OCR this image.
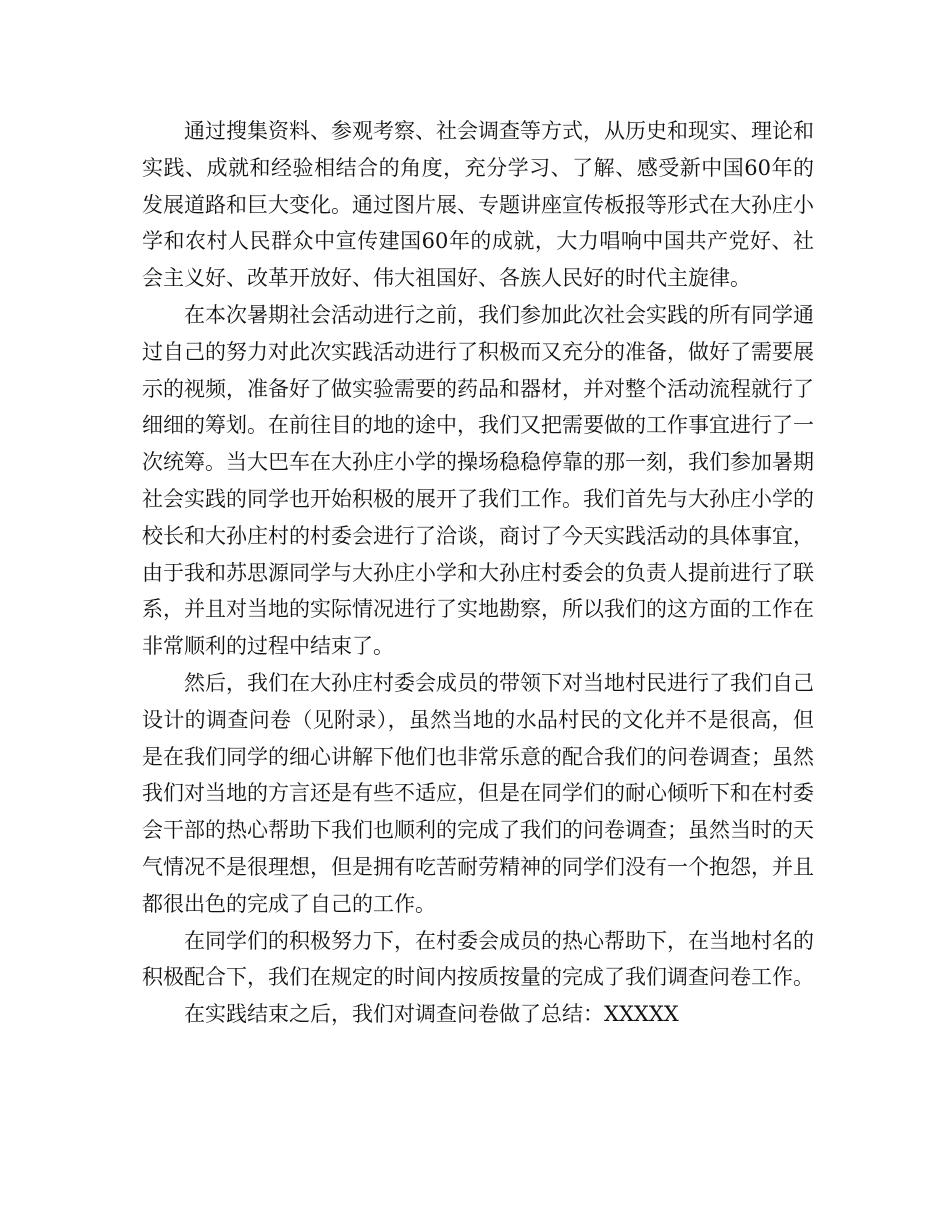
通过搜集资料、参观考察、社会调查等方式，从历史和现实、理论和实践、成就和经验相结合的角度，充分学习、了解、感受新中国60年的发展道路和巨大变化。通过图片展、专题讲座宣传板报等形式在大孙庄小学和农村人民群众中宣传建国60年的成就，大力唱响中国共产党好、社会主义好、改革开放好、伟大祖国好、各族人民好的时代主旋律。

在本次暑期社会活动进行之前，我们参加此次社会实践的所有同学通过自己的努力对此次实践活动进行了积极而又充分的准备，做好了需要展示的视频，准备好了做实验需要的药品和器材，并对整个活动流程就行了细细的筹划。在前往目的地的途中，我们又把需要做的工作事宜进行了一次统筹。当大巴车在大孙庄小学的操场稳稳停靠的那一刻，我们参加暑期社会实践的同学也开始积极的展开了我们工作。我们首先与大孙庄小学的校长和大孙庄村的村委会进行了洽谈，商讨了今天实践活动的具体事宜，由于我和苏思源同学与大孙庄小学和大孙庄村委会的负责人提前进行了联系，并且对当地的实际情况进行了实地勘察，所以我们的这方面的工作在非常顺利的过程中结束了。

然后，我们在大孙庄村委会成员的带领下对当地村民进行了我们自己设计的调查问卷（见附录），虽然当地的水品村民的文化并不是很高，但是在我们同学的细心讲解下他们也非常乐意的配合我们的问卷调查；虽然我们对当地的方言还是有些不适应，但是在同学们的耐心倾听下和在村委会干部的热心帮助下我们也顺利的完成了我们的问卷调查；虽然当时的天气情况不是很理想，但是拥有吃苦耐劳精神的同学们没有一个抱怨，并且都很出色的完成了自己的工作。

在同学们的积极努力下，在村委会成员的热心帮助下，在当地村名的积极配合下，我们在规定的时间内按质按量的完成了我们调查问卷工作。

在实践结束之后，我们对调查问卷做了总结：XXXXX
